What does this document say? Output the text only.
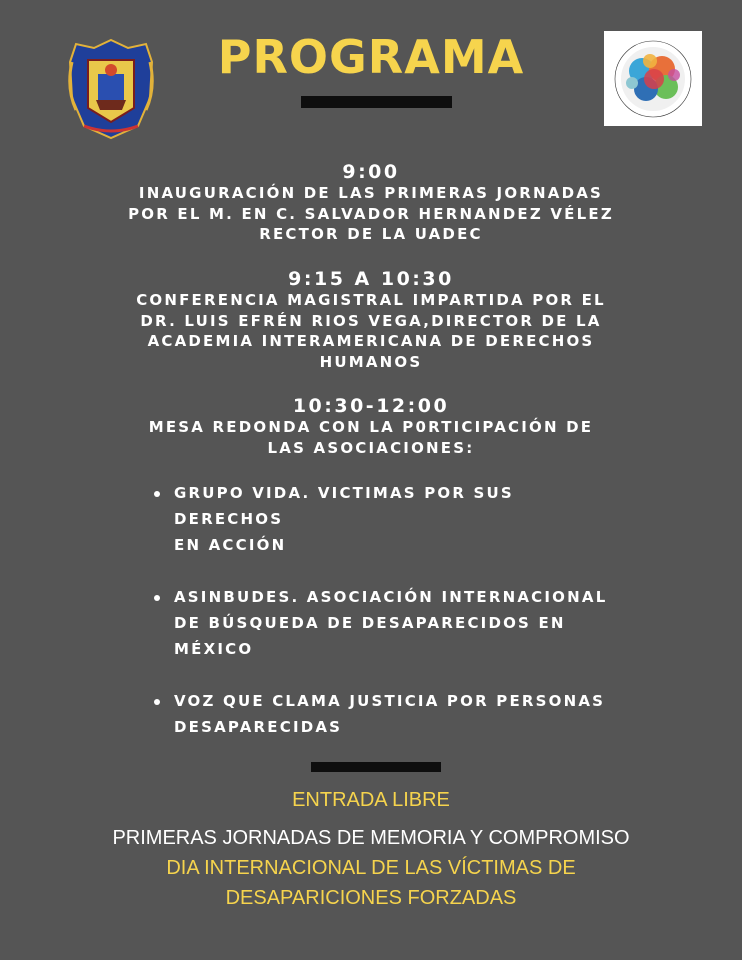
PROGRAMA
9:00
INAUGURACIÓN DE LAS PRIMERAS JORNADAS
POR EL M. EN C. SALVADOR HERNANDEZ VÉLEZ
RECTOR DE LA UADEC
9:15 A 10:30
CONFERENCIA MAGISTRAL IMPARTIDA POR EL
DR. LUIS EFRÉN RIOS VEGA,DIRECTOR DE LA
ACADEMIA INTERAMERICANA DE DERECHOS
HUMANOS
10:30-12:00
MESA REDONDA CON LA P0RTICIPACIÓN DE
LAS ASOCIACIONES:
GRUPO VIDA. VICTIMAS POR SUS DERECHOS
EN ACCIÓN
ASINBUDES. ASOCIACIÓN INTERNACIONAL
DE BÚSQUEDA DE DESAPARECIDOS EN
MÉXICO
VOZ QUE CLAMA JUSTICIA POR PERSONAS
DESAPARECIDAS
ENTRADA LIBRE
PRIMERAS JORNADAS DE MEMORIA Y COMPROMISO
DIA INTERNACIONAL DE LAS VÍCTIMAS DE
DESAPARICIONES FORZADAS
